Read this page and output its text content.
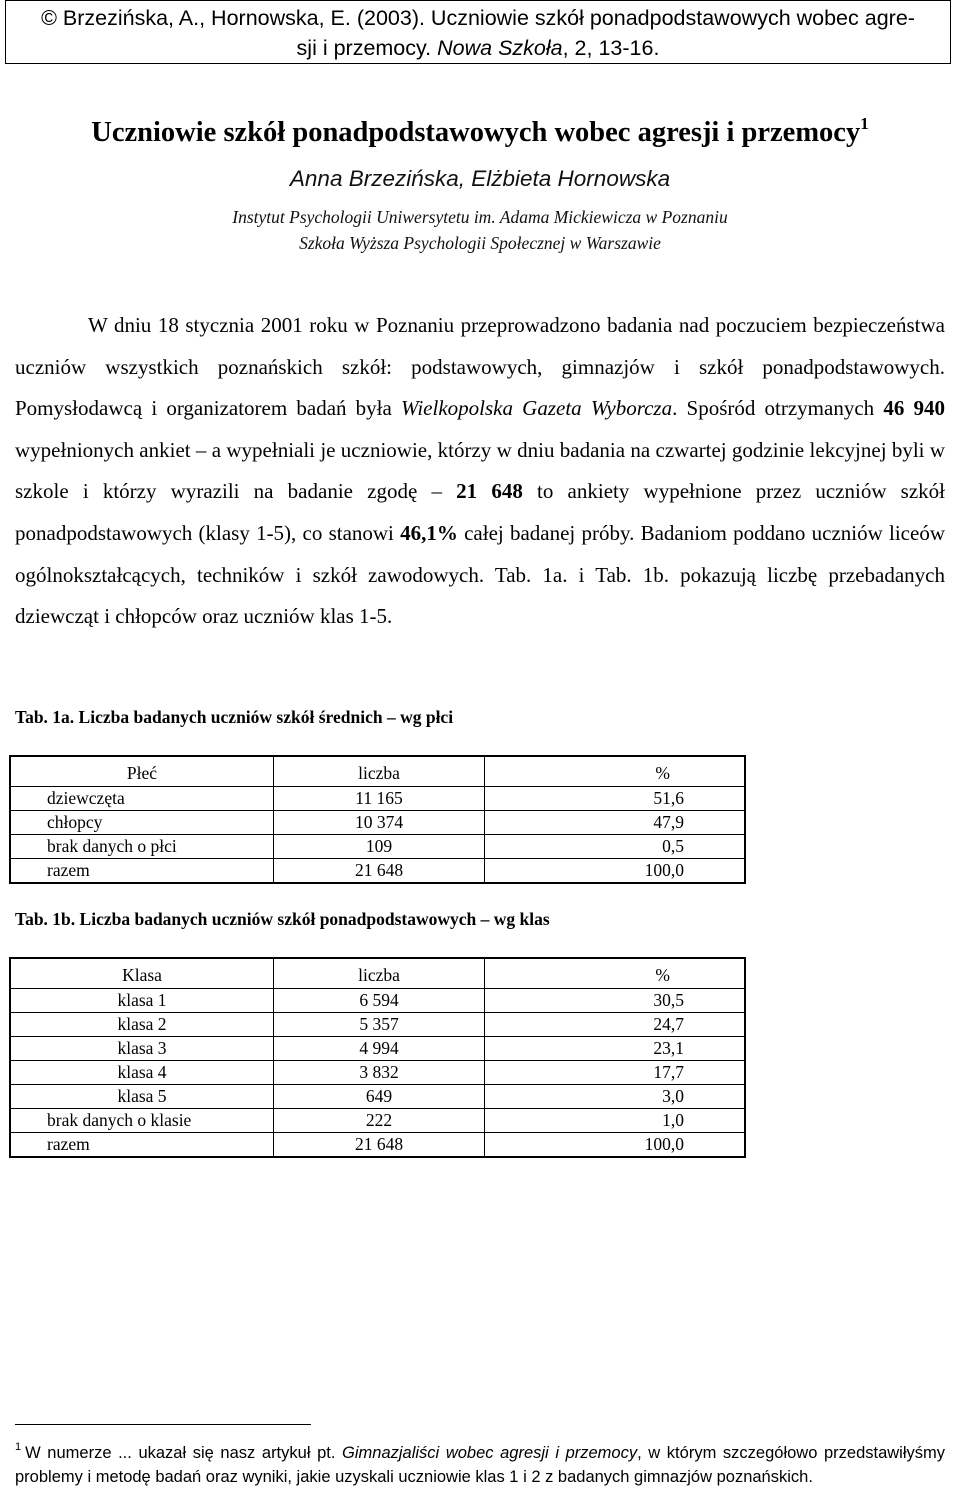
© Brzezińska, A., Hornowska, E. (2003). Uczniowie szkół ponadpodstawowych wobec agre-
sji i przemocy. Nowa Szkoła, 2, 13-16.
Uczniowie szkół ponadpodstawowych wobec agresji i przemocy$^1$
Anna Brzezińska, Elżbieta Hornowska
Instytut Psychologii Uniwersytetu im. Adama Mickiewicza w Poznaniu
Szkoła Wyższa Psychologii Społecznej w Warszawie

W dniu 18 stycznia 2001 roku w Poznaniu przeprowadzono badania nad poczuciem bezpieczeństwa uczniów wszystkich poznańskich szkół: podstawowych, gimnazjów i szkół ponadpodstawowych. Pomysłodawcą i organizatorem badań była Wielkopolska Gazeta Wyborcza. Spośród otrzymanych 46 940 wypełnionych ankiet – a wypełniali je uczniowie, którzy w dniu badania na czwartej godzinie lekcyjnej byli w szkole i którzy wyrazili na badanie zgodę – 21 648 to ankiety wypełnione przez uczniów szkół ponadpodstawowych (klasy 1-5), co stanowi 46,1% całej badanej próby. Badaniom poddano uczniów liceów ogólnokształcących, techników i szkół zawodowych. Tab. 1a. i Tab. 1b. pokazują liczbę przebadanych dziewcząt i chłopców oraz uczniów klas 1-5.

Tab. 1a. Liczba badanych uczniów szkół średnich – wg płci
Płeć	liczba	%
dziewczęta	11 165	51,6
chłopcy	10 374	47,9
brak danych o płci	109	0,5
razem	21 648	100,0
Tab. 1b. Liczba badanych uczniów szkół ponadpodstawowych – wg klas
Klasa	liczba	%
klasa 1	6 594	30,5
klasa 2	5 357	24,7
klasa 3	4 994	23,1
klasa 4	3 832	17,7
klasa 5	649	3,0
brak danych o klasie	222	1,0
razem	21 648	100,0
$^1$ W numerze ... ukazał się nasz artykuł pt. Gimnazjaliści wobec agresji i przemocy, w którym szczegółowo przedstawiłyśmy problemy i metodę badań oraz wyniki, jakie uzyskali uczniowie klas 1 i 2 z badanych gimnazjów poznańskich.
